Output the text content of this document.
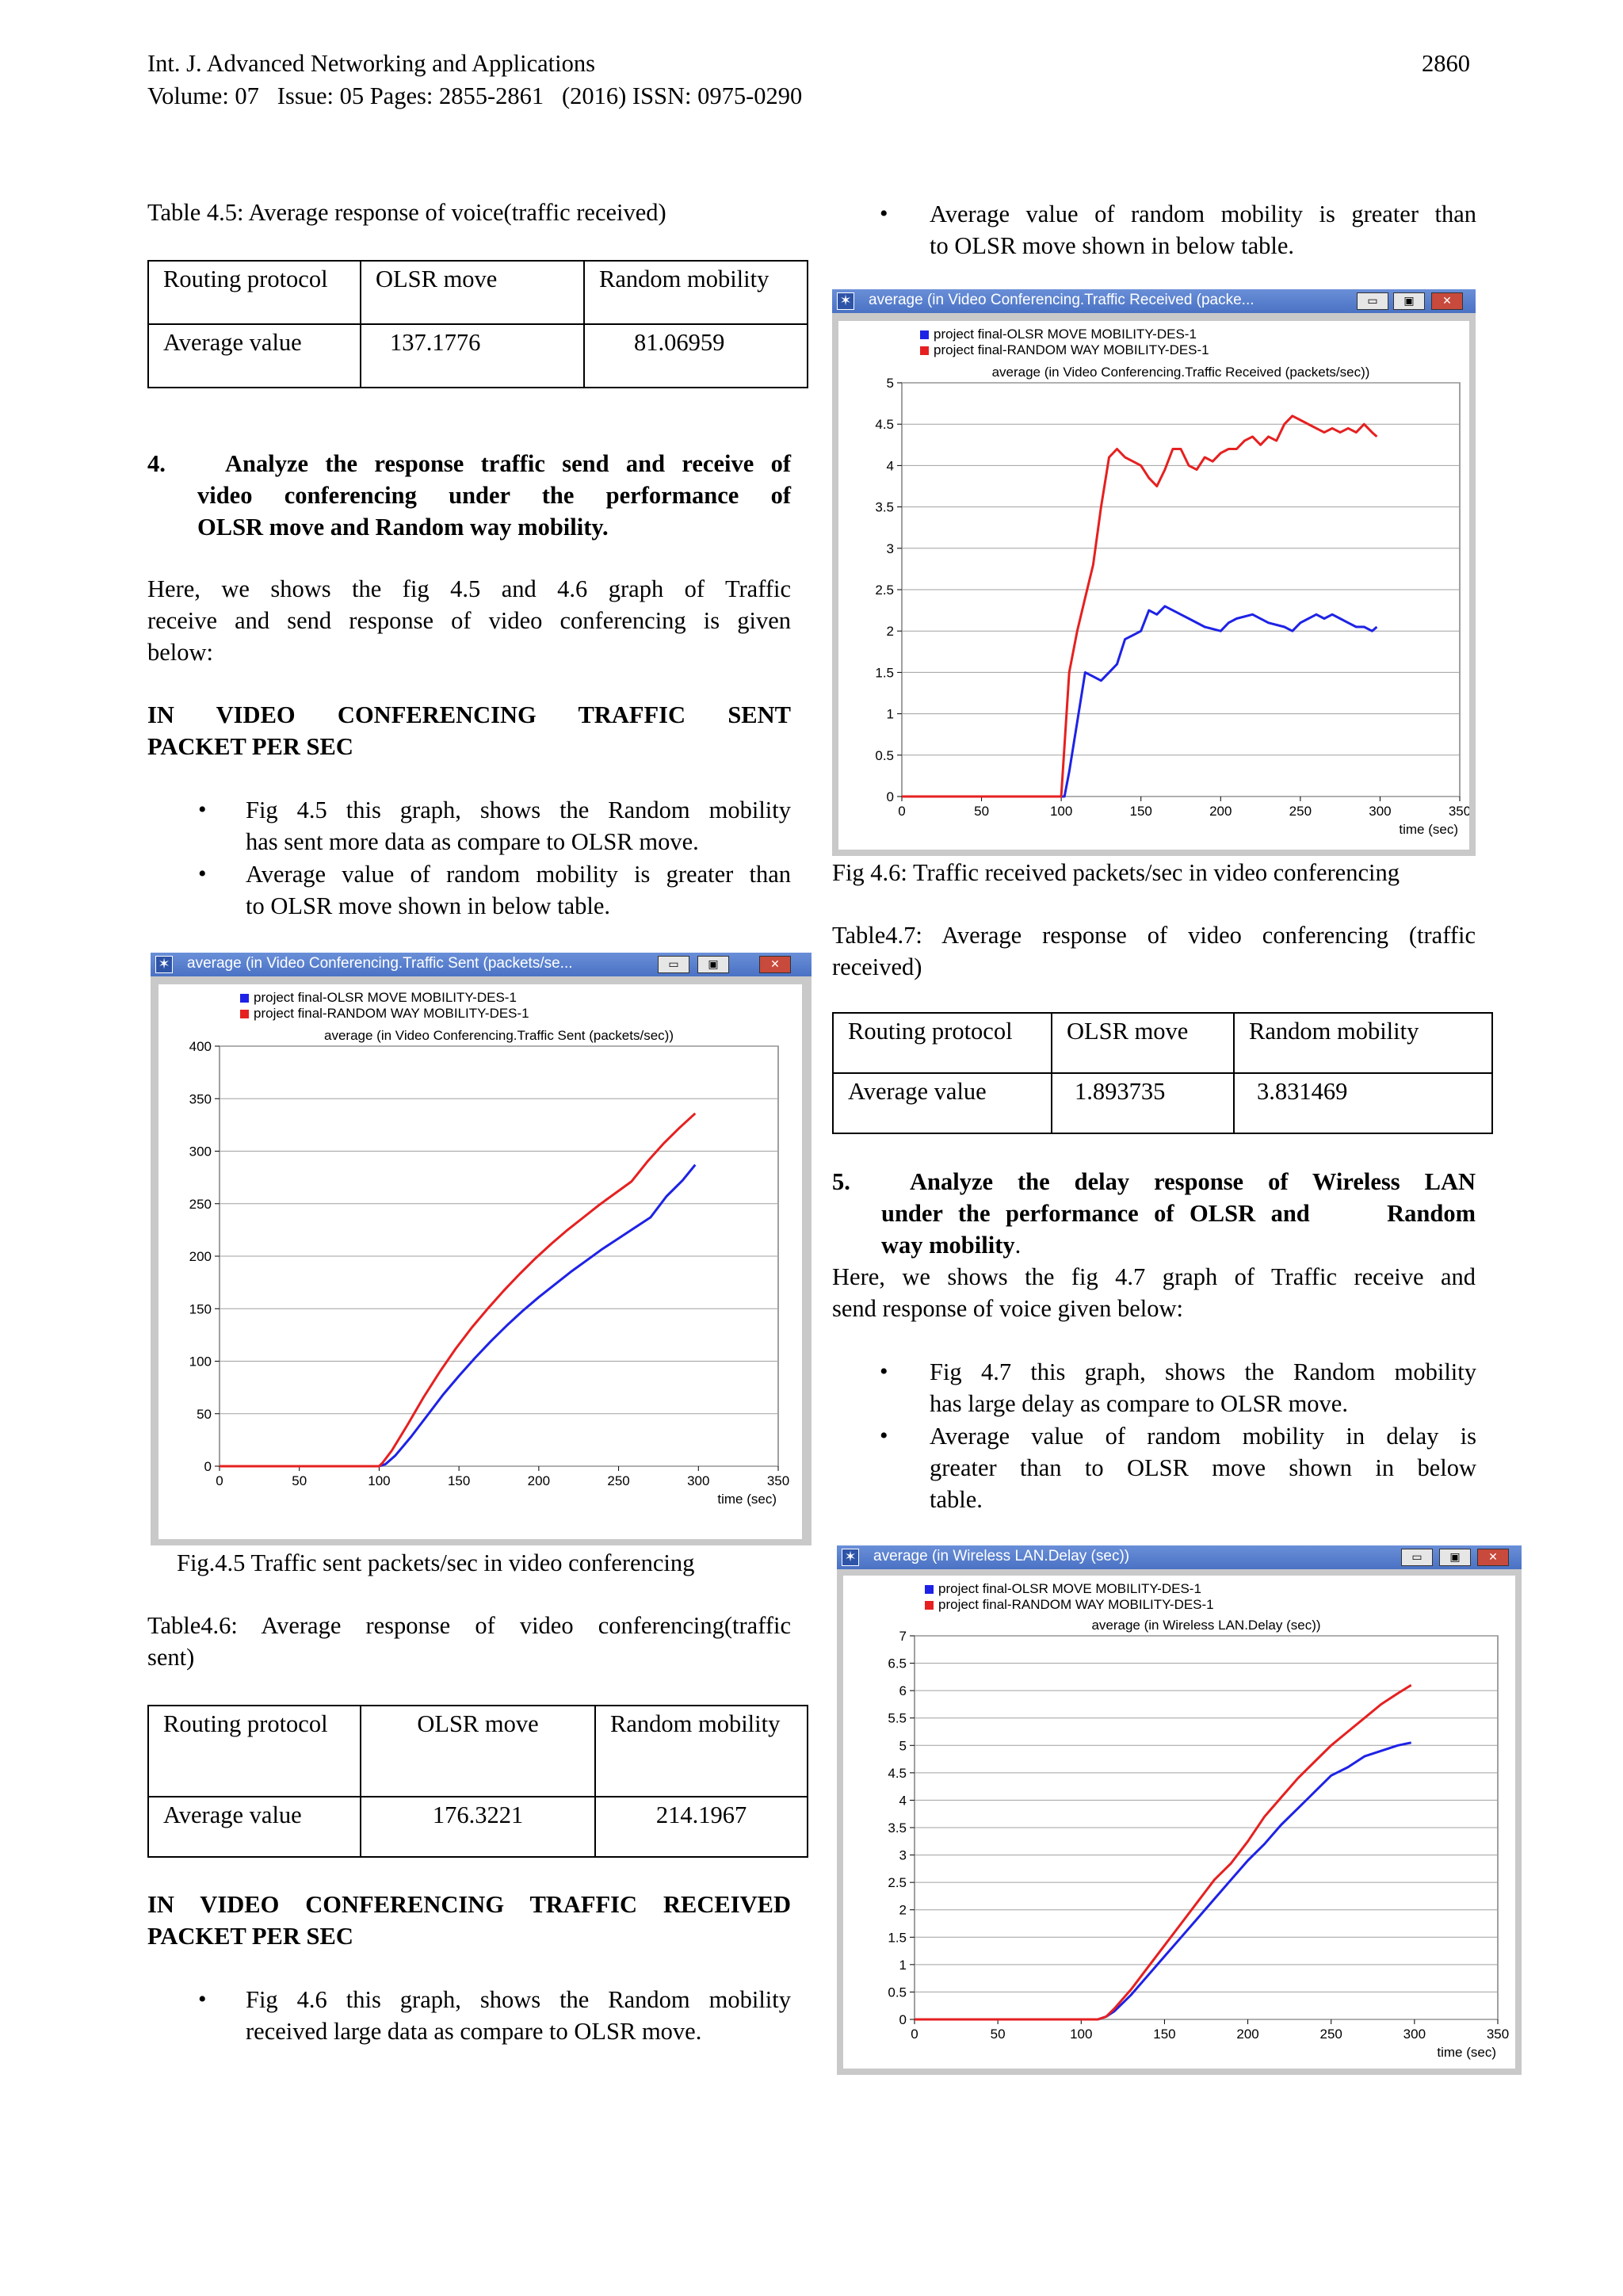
Int. J. Advanced Networking and Applications
Volume: 07   Issue: 05 Pages: 2855-2861   (2016) ISSN: 0975-0290
2860
Table 4.5: Average response of voice(traffic received)
Routing protocol	OLSR move	Random mobility
Average value	137.1776	81.06959
4. Analyze the response traffic send and receive of
video conferencing under the performance of
OLSR move and Random way mobility.
Here, we shows the fig 4.5 and 4.6 graph of Traffic
receive and send response of video conferencing is given
below:
IN VIDEO CONFERENCING TRAFFIC SENT
PACKET PER SEC
• Fig 4.5 this graph, shows the Random mobility
has sent more data as compare to OLSR move.
• Average value of random mobility is greater than
to OLSR move shown in below table.
✶ average (in Video Conferencing.Traffic Sent (packets/se...	▭	▣	✕
project final-OLSR MOVE MOBILITY-DES-1
project final-RANDOM WAY MOBILITY-DES-1
average (in Video Conferencing.Traffic Sent (packets/sec))
0
50
100
150
200
250
300
350
400
0	50	100	150	200	250	300	350
time (sec)
Fig.4.5 Traffic sent packets/sec in video conferencing
Table4.6: Average response of video conferencing(traffic
sent)
Routing protocol	OLSR move	Random mobility
Average value	176.3221	214.1967
IN VIDEO CONFERENCING TRAFFIC RECEIVED
PACKET PER SEC
• Fig 4.6 this graph, shows the Random mobility
received large data as compare to OLSR move.
• Average value of random mobility is greater than
to OLSR move shown in below table.
✶ average (in Video Conferencing.Traffic Received (packe...	▭	▣	✕
project final-OLSR MOVE MOBILITY-DES-1
project final-RANDOM WAY MOBILITY-DES-1
average (in Video Conferencing.Traffic Received (packets/sec))
0
0.5
1
1.5
2
2.5
3
3.5
4
4.5
5
0	50	100	150	200	250	300	350
time (sec)
Fig 4.6: Traffic received packets/sec in video conferencing
Table4.7: Average response of video conferencing (traffic
received)
Routing protocol	OLSR move	Random mobility
Average value	1.893735	3.831469
5. Analyze the delay response of Wireless LAN
under the performance of OLSR and     Random
way mobility.
Here, we shows the fig 4.7 graph of Traffic receive and
send response of voice given below:
• Fig 4.7 this graph, shows the Random mobility
has large delay as compare to OLSR move.
• Average value of random mobility in delay is
greater than to OLSR move shown in below
table.
✶ average (in Wireless LAN.Delay (sec))	▭	▣	✕
project final-OLSR MOVE MOBILITY-DES-1
project final-RANDOM WAY MOBILITY-DES-1
average (in Wireless LAN.Delay (sec))
0
0.5
1
1.5
2
2.5
3
3.5
4
4.5
5
5.5
6
6.5
7
0	50	100	150	200	250	300	350
time (sec)
